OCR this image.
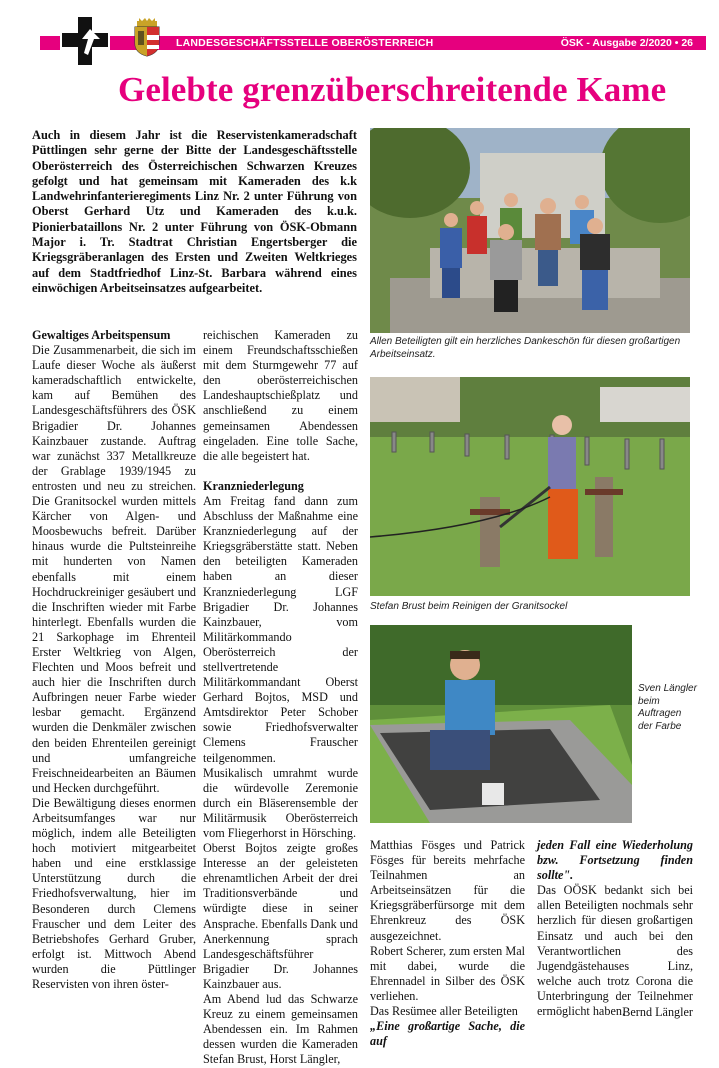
LANDESGESCHÄFTSSTELLE OBERÖSTERREICH	ÖSK - Ausgabe 2/2020 • 26
Gelebte grenzüberschreitende Kame
Auch in diesem Jahr ist die Reservistenkameradschaft Püttlingen sehr gerne der Bitte der Landesgeschäftsstelle Oberösterreich des Österreichischen Schwarzen Kreuzes gefolgt und hat gemeinsam mit Kameraden des k.k Landwehrinfanterieregiments Linz Nr. 2 unter Führung von Oberst Gerhard Utz und Kameraden des k.u.k. Pionierbataillons Nr. 2 unter Führung von ÖSK-Obmann Major i. Tr. Stadtrat Christian Engertsberger die Kriegsgräberanlagen des Ersten und Zweiten Weltkrieges auf dem Stadtfriedhof Linz-St. Barbara während eines einwöchigen Arbeitseinsatzes aufgearbeitet.
Gewaltiges Arbeitspensum

Die Zusammenarbeit, die sich im Laufe dieser Woche als äußerst kameradschaftlich entwickelte, kam auf Bemühen des Landesgeschäftsführers des ÖSK Brigadier Dr. Johannes Kainzbauer zustande. Auftrag war zunächst 337 Metallkreuze der Grablage 1939/1945 zu entrosten und neu zu streichen. Die Granitsockel wurden mittels Kärcher von Algen- und Moosbewuchs befreit. Darüber hinaus wurde die Pultsteinreihe mit hunderten von Namen ebenfalls mit einem Hochdruckreiniger gesäubert und die Inschriften wieder mit Farbe hinterlegt. Ebenfalls wurden die 21 Sarkophage im Ehrenteil Erster Weltkrieg von Algen, Flechten und Moos befreit und auch hier die Inschriften durch Aufbringen neuer Farbe wieder lesbar gemacht. Ergänzend wurden die Denkmäler zwischen den beiden Ehrenteilen gereinigt und umfangreiche Freischneidearbeiten an Bäumen und Hecken durchgeführt.

Die Bewältigung dieses enormen Arbeitsumfanges war nur möglich, indem alle Beteiligten hoch motiviert mitgearbeitet haben und eine erstklassige Unterstützung durch die Friedhofsverwaltung, hier im Besonderen durch Clemens Frauscher und dem Leiter des Betriebshofes Gerhard Gruber, erfolgt ist. Mittwoch Abend wurden die Püttlinger Reservisten von ihren öster-

reichischen Kameraden zu einem Freundschaftsschießen mit dem Sturmgewehr 77 auf den oberösterreichischen Landeshauptschießplatz und anschließend zu einem gemeinsamen Abendessen eingeladen. Eine tolle Sache, die alle begeistert hat.

Kranzniederlegung

Am Freitag fand dann zum Abschluss der Maßnahme eine Kranzniederlegung auf der Kriegsgräberstätte statt. Neben den beteiligten Kameraden haben an dieser Kranzniederlegung LGF Brigadier Dr. Johannes Kainzbauer, vom Militärkommando Oberösterreich der stellvertretende Militärkommandant Oberst Gerhard Bojtos, MSD und Amtsdirektor Peter Schober sowie Friedhofsverwalter Clemens Frauscher teilgenommen.

Musikalisch umrahmt wurde die würdevolle Zeremonie durch ein Bläserensemble der Militärmusik Oberösterreich vom Fliegerhorst in Hörsching.

Oberst Bojtos zeigte großes Interesse an der geleisteten ehrenamtlichen Arbeit der drei Traditionsverbände und würdigte diese in seiner Ansprache. Ebenfalls Dank und Anerkennung sprach Landesgeschäftsführer Brigadier Dr. Johannes Kainzbauer aus.

Am Abend lud das Schwarze Kreuz zu einem gemeinsamen Abendessen ein. Im Rahmen dessen wurden die Kameraden Stefan Brust, Horst Längler,

Allen Beteiligten gilt ein herzliches Dankeschön für diesen großartigen Arbeitseinsatz.
Stefan Brust beim Reinigen der Granitsockel
Sven Längler beim Auftragen der Farbe

Matthias Fösges und Patrick Fösges für bereits mehrfache Teilnahmen an Arbeitseinsätzen für die Kriegsgräberfürsorge mit dem Ehrenkreuz des ÖSK ausgezeichnet.

Robert Scherer, zum ersten Mal mit dabei, wurde die Ehrennadel in Silber des ÖSK verliehen.

Das Resümee aller Beteiligten

„Eine großartige Sache, die auf

jeden Fall eine Wiederholung bzw. Fortsetzung finden sollte".

Das OÖSK bedankt sich bei allen Beteiligten nochmals sehr herzlich für diesen großartigen Einsatz und auch bei den Verantwortlichen des Jugendgästehauses Linz, welche auch trotz Corona die Unterbringung der Teilnehmer ermöglicht haben.

Bernd Längler
